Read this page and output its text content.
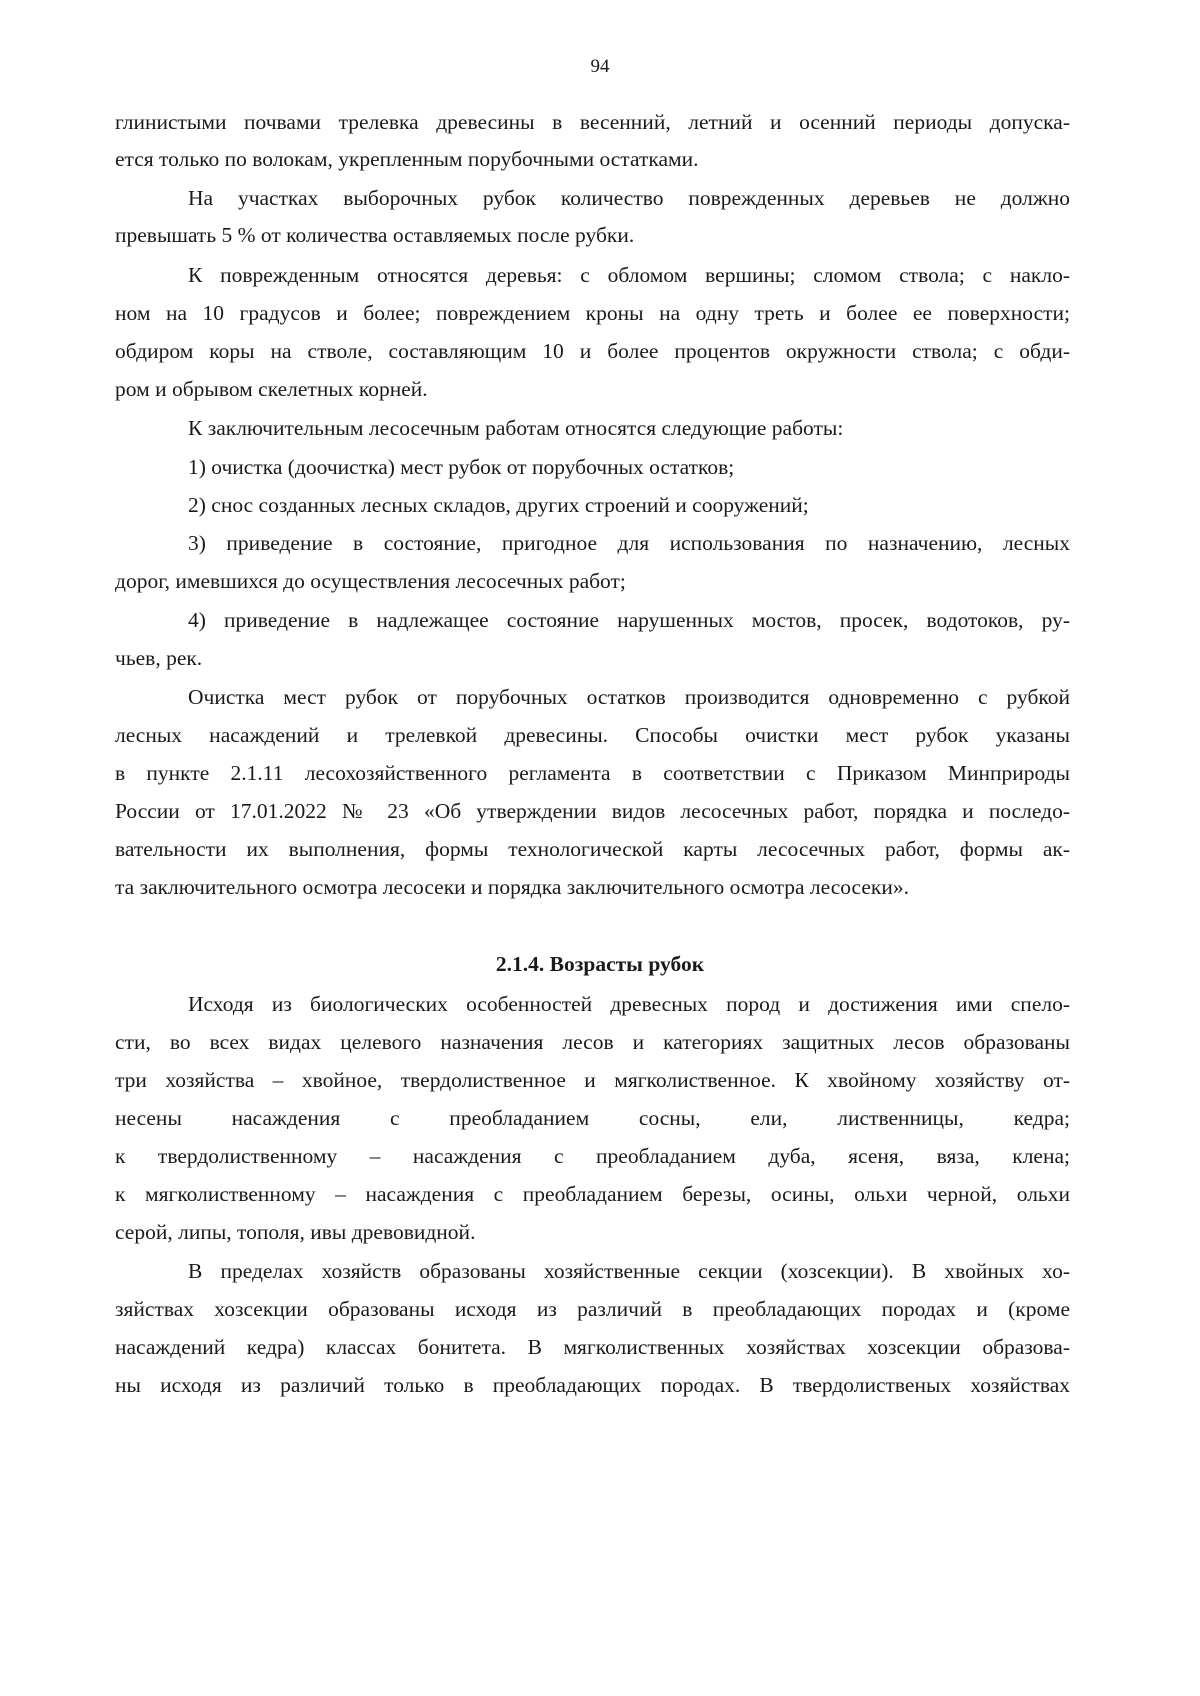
94
глинистыми почвами трелевка древесины в весенний, летний и осенний периоды допуска-
ется только по волокам, укрепленным порубочными остатками.
На участках выборочных рубок количество поврежденных деревьев не должно
превышать 5 % от количества оставляемых после рубки.
К поврежденным относятся деревья: с обломом вершины; сломом ствола; с накло-
ном на 10 градусов и более; повреждением кроны на одну треть и более ее поверхности;
обдиром коры на стволе, составляющим 10 и более процентов окружности ствола; с обди-
ром и обрывом скелетных корней.
К заключительным лесосечным работам относятся следующие работы:
1) очистка (доочистка) мест рубок от порубочных остатков;
2) снос созданных лесных складов, других строений и сооружений;
3) приведение в состояние, пригодное для использования по назначению, лесных
дорог, имевшихся до осуществления лесосечных работ;
4) приведение в надлежащее состояние нарушенных мостов, просек, водотоков, ру-
чьев, рек.
Очистка мест рубок от порубочных остатков производится одновременно с рубкой
лесных насаждений и трелевкой древесины. Способы очистки мест рубок указаны
в пункте 2.1.11 лесохозяйственного регламента в соответствии с Приказом Минприроды
России от 17.01.2022 № 23 «Об утверждении видов лесосечных работ, порядка и последо-
вательности их выполнения, формы технологической карты лесосечных работ, формы ак-
та заключительного осмотра лесосеки и порядка заключительного осмотра лесосеки».
2.1.4. Возрасты рубок
Исходя из биологических особенностей древесных пород и достижения ими спело-
сти, во всех видах целевого назначения лесов и категориях защитных лесов образованы
три хозяйства – хвойное, твердолиственное и мягколиственное. К хвойному хозяйству от-
несены насаждения с преобладанием сосны, ели, лиственницы, кедра;
к твердолиственному – насаждения с преобладанием дуба, ясеня, вяза, клена;
к мягколиственному – насаждения с преобладанием березы, осины, ольхи черной, ольхи
серой, липы, тополя, ивы древовидной.
В пределах хозяйств образованы хозяйственные секции (хозсекции). В хвойных хо-
зяйствах хозсекции образованы исходя из различий в преобладающих породах и (кроме
насаждений кедра) классах бонитета. В мягколиственных хозяйствах хозсекции образова-
ны исходя из различий только в преобладающих породах. В твердолиственых хозяйствах
